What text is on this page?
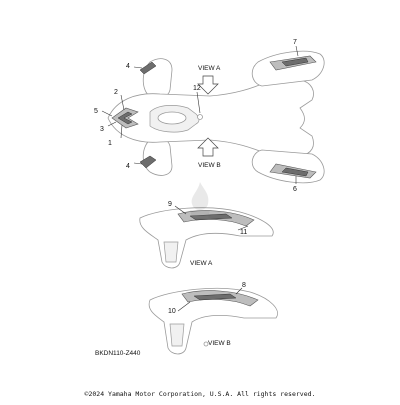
1
2
3
4
4
5
6
7
8
9
10
11
12
VIEW A
VIEW B
VIEW A
VIEW B
BKDN110-Z440
©2024 Yamaha Motor Corporation, U.S.A. All rights reserved.
